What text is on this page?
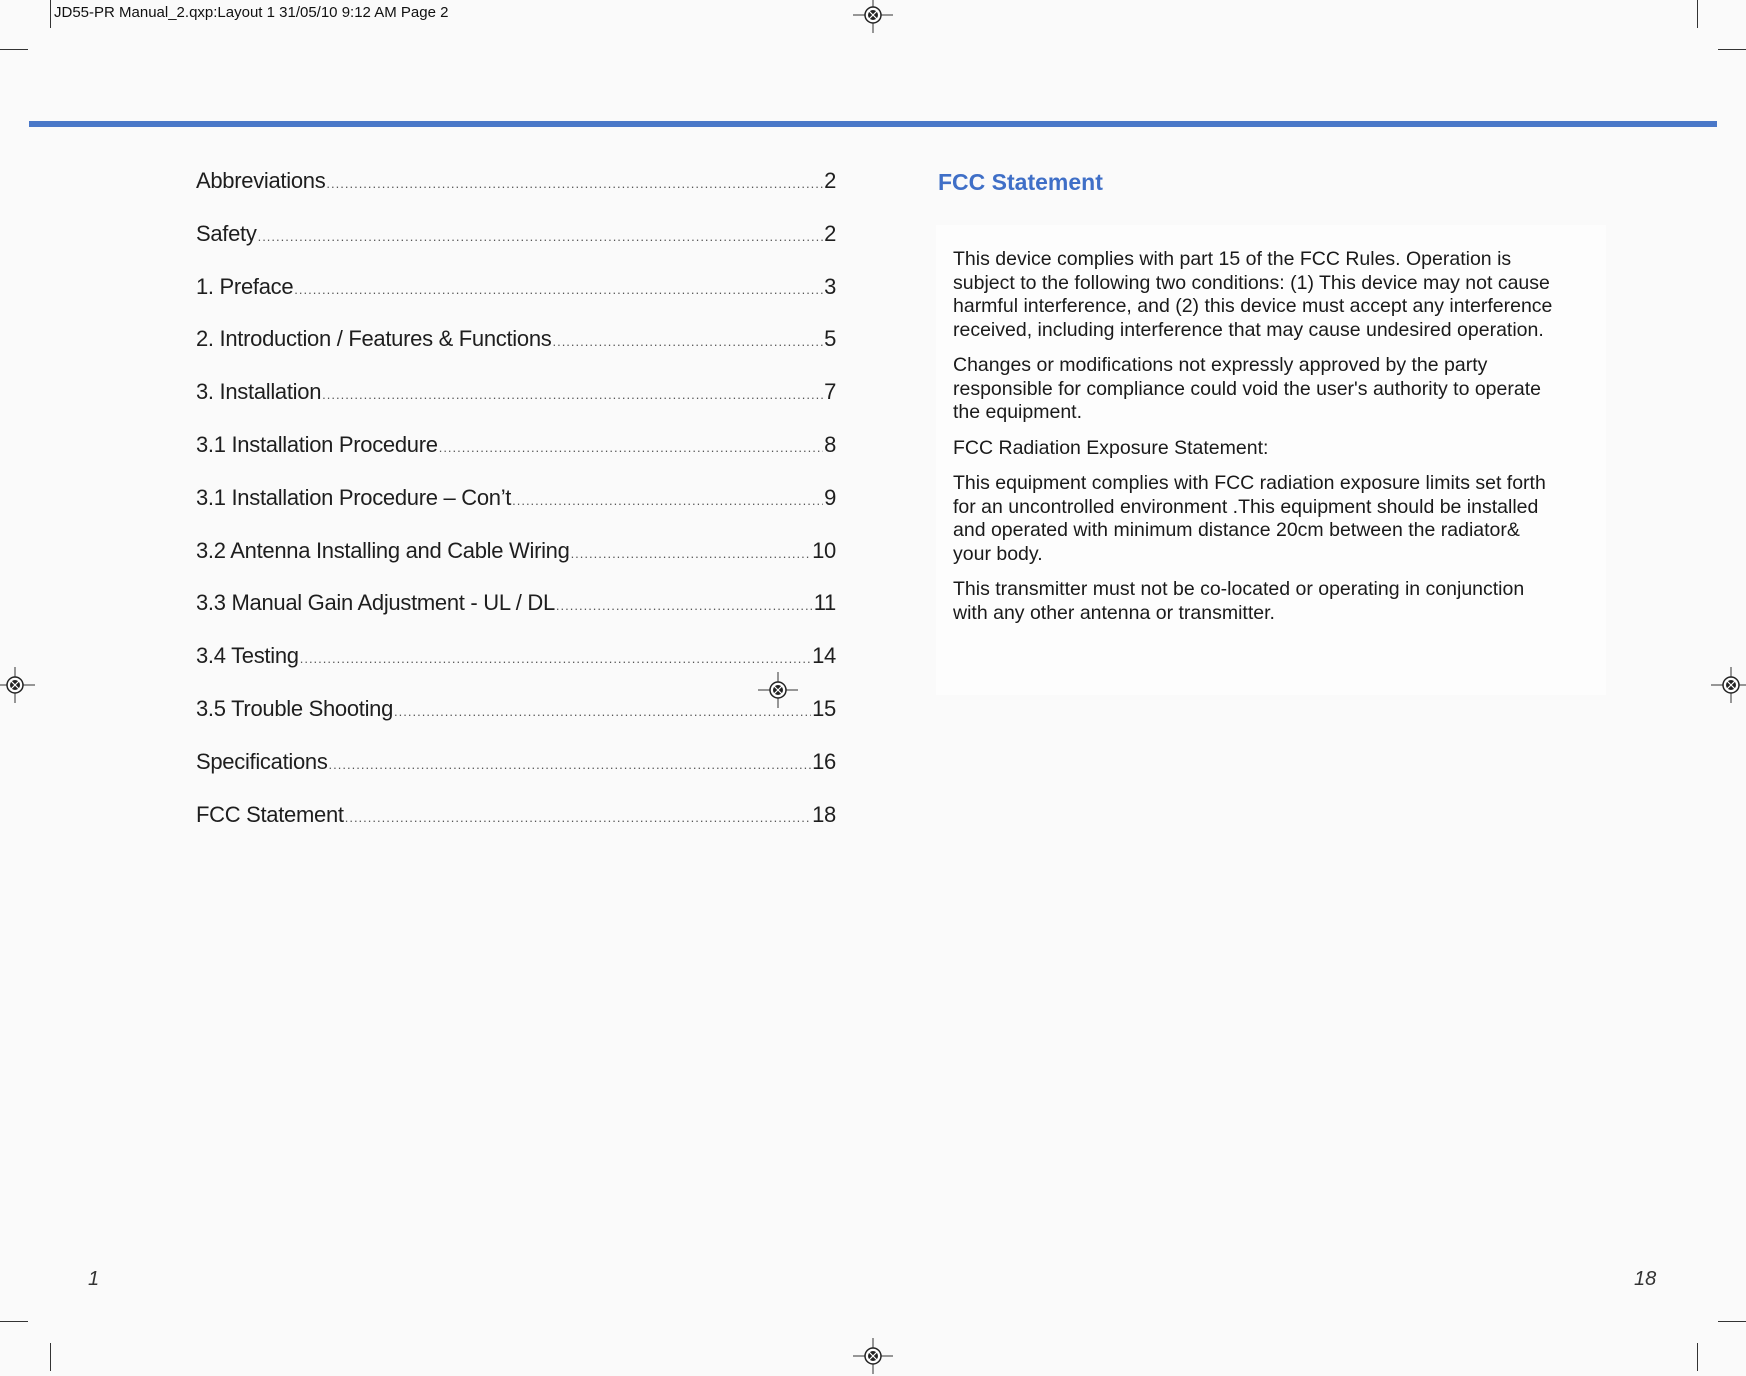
JD55-PR Manual_2.qxp:Layout 1 31/05/10 9:12 AM Page 2
Abbreviations .....	2
Safety .....	2
1. Preface .....	3
2. Introduction / Features & Functions .....	5
3. Installation .....	7
3.1 Installation Procedure .....	8
3.1 Installation Procedure – Con’t .....	9
3.2 Antenna Installing and Cable Wiring .....	10
3.3 Manual Gain Adjustment - UL / DL .....	11
3.4 Testing .....	14
3.5 Trouble Shooting .....	15
Specifications .....	16
FCC Statement .....	18
FCC Statement

This device complies with part 15 of the FCC Rules. Operation is subject to the following two conditions: (1) This device may not cause harmful interference, and (2) this device must accept any interference received, including interference that may cause undesired operation.

Changes or modifications not expressly approved by the party responsible for compliance could void the user's authority to operate the equipment.

FCC Radiation Exposure Statement:

This equipment complies with FCC radiation exposure limits set forth for an uncontrolled environment .This equipment should be installed and operated with minimum distance 20cm between the radiator& your body.

This transmitter must not be co-located or operating in conjunction with any other antenna or transmitter.

1	18
